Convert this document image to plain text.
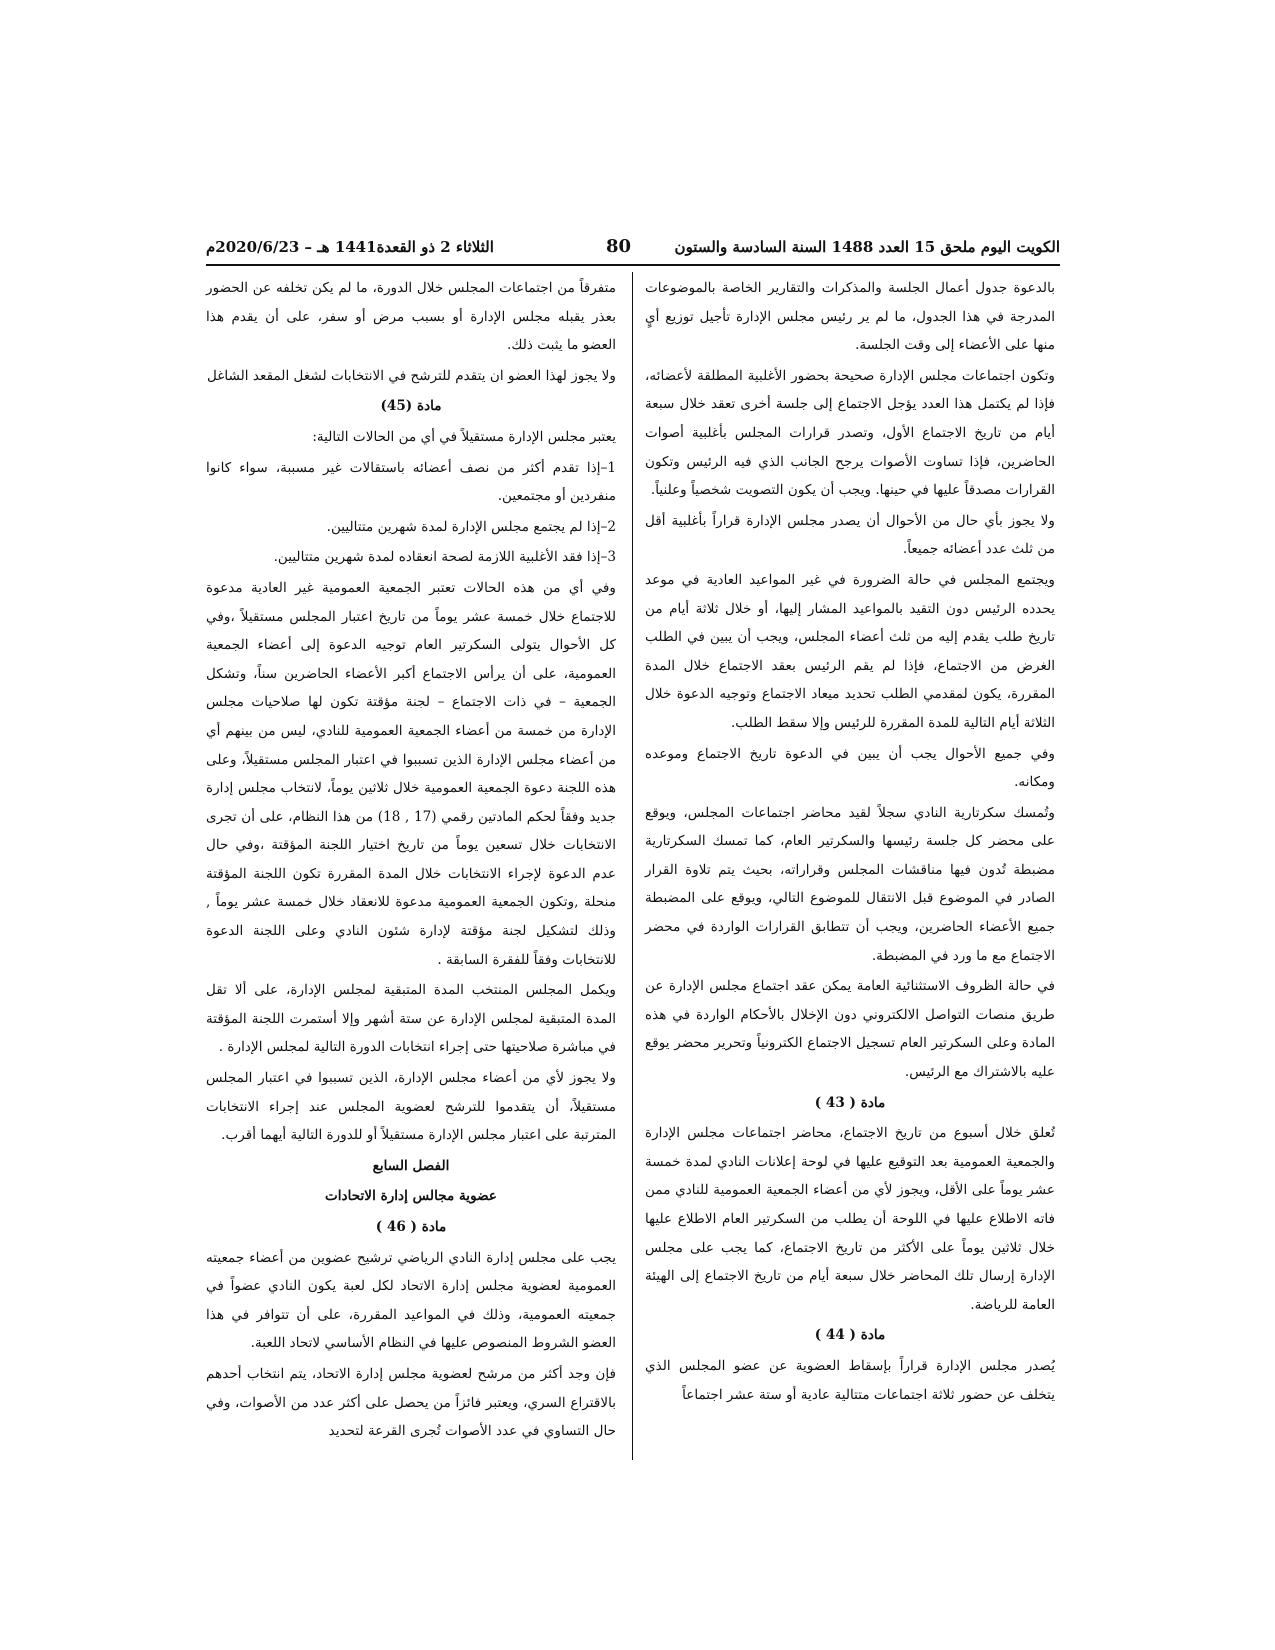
الكويت اليوم ملحق 15 العدد 1488 السنة السادسة والستون
80
الثلاثاء 2 ذو القعدة1441 هـ – 2020/6/23م

بالدعوة جدول أعمال الجلسة والمذكرات والتقارير الخاصة بالموضوعات المدرجة في هذا الجدول، ما لم ير رئيس مجلس الإدارة تأجيل توزيع أيٍ منها على الأعضاء إلى وقت الجلسة.

وتكون اجتماعات مجلس الإدارة صحيحة بحضور الأغلبية المطلقة لأعضائه، فإذا لم يكتمل هذا العدد يؤجل الاجتماع إلى جلسة أخرى تعقد خلال سبعة أيام من تاريخ الاجتماع الأول، وتصدر قرارات المجلس بأغلبية أصوات الحاضرين، فإذا تساوت الأصوات يرجح الجانب الذي فيه الرئيس وتكون القرارات مصدقاً عليها في حينها. ويجب أن يكون التصويت شخصياً وعلنياً.

ولا يجوز بأي حال من الأحوال أن يصدر مجلس الإدارة قراراً بأغلبية أقل من ثلث عدد أعضائه جميعاً.

ويجتمع المجلس في حالة الضرورة في غير المواعيد العادية في موعد يحدده الرئيس دون التقيد بالمواعيد المشار إليها، أو خلال ثلاثة أيام من تاريخ طلب يقدم إليه من ثلث أعضاء المجلس، ويجب أن يبين في الطلب الغرض من الاجتماع، فإذا لم يقم الرئيس بعقد الاجتماع خلال المدة المقررة، يكون لمقدمي الطلب تحديد ميعاد الاجتماع وتوجيه الدعوة خلال الثلاثة أيام التالية للمدة المقررة للرئيس وإلا سقط الطلب.

وفي جميع الأحوال يجب أن يبين في الدعوة تاريخ الاجتماع وموعده ومكانه.

وتُمسك سكرتارية النادي سجلاً لقيد محاضر اجتماعات المجلس، ويوقع على محضر كل جلسة رئيسها والسكرتير العام، كما تمسك السكرتارية مضبطة تُدون فيها مناقشات المجلس وقراراته، بحيث يتم تلاوة القرار الصادر في الموضوع قبل الانتقال للموضوع التالي، ويوقع على المضبطة جميع الأعضاء الحاضرين، ويجب أن تتطابق القرارات الواردة في محضر الاجتماع مع ما ورد في المضبطة.

في حالة الظروف الاستثنائية العامة يمكن عقد اجتماع مجلس الإدارة عن طريق منصات التواصل الالكتروني دون الإخلال بالأحكام الواردة في هذه المادة وعلى السكرتير العام تسجيل الاجتماع الكترونياً وتحرير محضر يوقع عليه بالاشتراك مع الرئيس.

مادة ( 43 )

تُعلق خلال أسبوع من تاريخ الاجتماع، محاضر اجتماعات مجلس الإدارة والجمعية العمومية بعد التوقيع عليها في لوحة إعلانات النادي لمدة خمسة عشر يوماً على الأقل، ويجوز لأي من أعضاء الجمعية العمومية للنادي ممن فاته الاطلاع عليها في اللوحة أن يطلب من السكرتير العام الاطلاع عليها خلال ثلاثين يوماً على الأكثر من تاريخ الاجتماع، كما يجب على مجلس الإدارة إرسال تلك المحاضر خلال سبعة أيام من تاريخ الاجتماع إلى الهيئة العامة للرياضة.

مادة ( 44 )

يُصدر مجلس الإدارة قراراً بإسقاط العضوية عن عضو المجلس الذي يتخلف عن حضور ثلاثة اجتماعات متتالية عادية أو ستة عشر اجتماعاً

متفرقاً من اجتماعات المجلس خلال الدورة، ما لم يكن تخلفه عن الحضور بعذر يقبله مجلس الإدارة أو بسبب مرض أو سفر، على أن يقدم هذا العضو ما يثبت ذلك.

ولا يجوز لهذا العضو ان يتقدم للترشح في الانتخابات لشغل المقعد الشاغل

مادة (45)

يعتبر مجلس الإدارة مستقيلاً في أي من الحالات التالية:

1–إذا تقدم أكثر من نصف أعضائه باستقالات غير مسببة، سواء كانوا منفردين أو مجتمعين.

2–إذا لم يجتمع مجلس الإدارة لمدة شهرين متتاليين.

3–إذا فقد الأغلبية اللازمة لصحة انعقاده لمدة شهرين متتاليين.

وفي أي من هذه الحالات تعتبر الجمعية العمومية غير العادية مدعوة للاجتماع خلال خمسة عشر يوماً من تاريخ اعتبار المجلس مستقيلاً ،وفي كل الأحوال يتولى السكرتير العام توجيه الدعوة إلى أعضاء الجمعية العمومية، على أن يرأس الاجتماع أكبر الأعضاء الحاضرين سناً، وتشكل الجمعية – في ذات الاجتماع – لجنة مؤقتة تكون لها صلاحيات مجلس الإدارة من خمسة من أعضاء الجمعية العمومية للنادي، ليس من بينهم أي من أعضاء مجلس الإدارة الذين تسببوا في اعتبار المجلس مستقيلاً، وعلى هذه اللجنة دعوة الجمعية العمومية خلال ثلاثين يوماً، لانتخاب مجلس إدارة جديد وفقاً لحكم المادتين رقمي (17 , 18) من هذا النظام، على أن تجرى الانتخابات خلال تسعين يوماً من تاريخ اختيار اللجنة المؤقتة ،وفي حال عدم الدعوة لإجراء الانتخابات خلال المدة المقررة تكون اللجنة المؤقتة منحلة ,وتكون الجمعية العمومية مدعوة للانعقاد خلال خمسة عشر يوماً , وذلك لتشكيل لجنة مؤقتة لإدارة شئون النادي وعلى اللجنة الدعوة للانتخابات وفقاً للفقرة السابقة .

ويكمل المجلس المنتخب المدة المتبقية لمجلس الإدارة، على ألا تقل المدة المتبقية لمجلس الإدارة عن ستة أشهر وإلا أستمرت اللجنة المؤقتة في مباشرة صلاحيتها حتى إجراء انتخابات الدورة التالية لمجلس الإدارة .

ولا يجوز لأي من أعضاء مجلس الإدارة، الذين تسببوا في اعتبار المجلس مستقيلاً، أن يتقدموا للترشح لعضوية المجلس عند إجراء الانتخابات المترتبة على اعتبار مجلس الإدارة مستقيلاً أو للدورة التالية أيهما أقرب.

الفصل السابع

عضوية مجالس إدارة الاتحادات

مادة ( 46 )

يجب على مجلس إدارة النادي الرياضي ترشيح عضوين من أعضاء جمعيته العمومية لعضوية مجلس إدارة الاتحاد لكل لعبة يكون النادي عضواً في جمعيته العمومية، وذلك في المواعيد المقررة، على أن تتوافر في هذا العضو الشروط المنصوص عليها في النظام الأساسي لاتحاد اللعبة.

فإن وجد أكثر من مرشح لعضوية مجلس إدارة الاتحاد، يتم انتخاب أحدهم بالاقتراع السري، ويعتبر فائزاً من يحصل على أكثر عدد من الأصوات، وفي حال التساوي في عدد الأصوات تُجرى القرعة لتحديد
